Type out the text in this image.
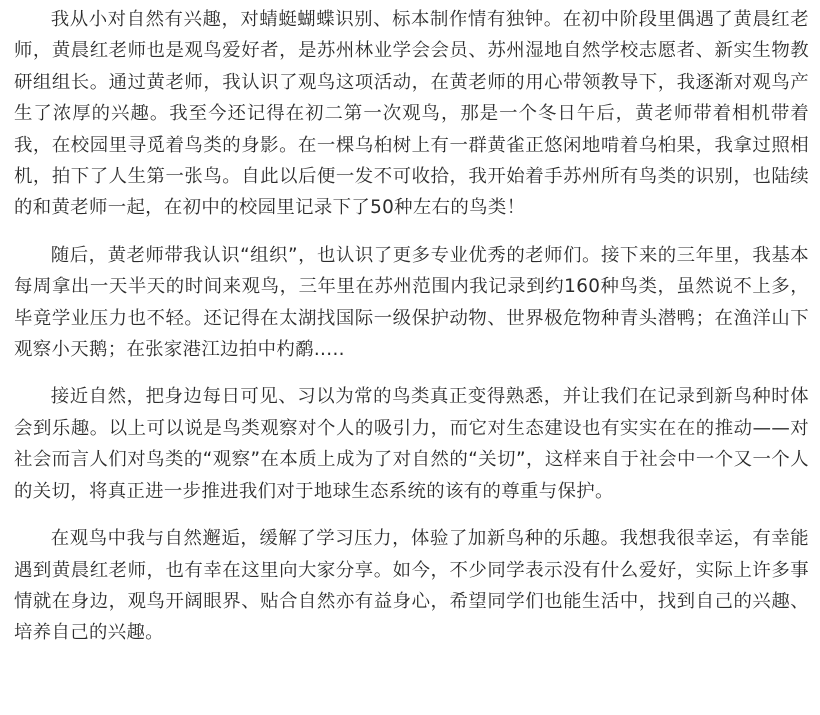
我从小对自然有兴趣，对蜻蜓蝴蝶识别、标本制作情有独钟。在初中阶段里偶遇了黄晨红老师，黄晨红老师也是观鸟爱好者，是苏州林业学会会员、苏州湿地自然学校志愿者、新实生物教研组组长。通过黄老师，我认识了观鸟这项活动，在黄老师的用心带领教导下，我逐渐对观鸟产生了浓厚的兴趣。我至今还记得在初二第一次观鸟，那是一个冬日午后，黄老师带着相机带着我，在校园里寻觅着鸟类的身影。在一棵乌桕树上有一群黄雀正悠闲地啃着乌桕果，我拿过照相机，拍下了人生第一张鸟。自此以后便一发不可收拾，我开始着手苏州所有鸟类的识别，也陆续的和黄老师一起，在初中的校园里记录下了50种左右的鸟类！

随后，黄老师带我认识“组织”，也认识了更多专业优秀的老师们。接下来的三年里，我基本每周拿出一天半天的时间来观鸟，三年里在苏州范围内我记录到约160种鸟类，虽然说不上多，毕竟学业压力也不轻。还记得在太湖找国际一级保护动物、世界极危物种青头潜鸭；在渔洋山下观察小天鹅；在张家港江边拍中杓鹬.....

接近自然，把身边每日可见、习以为常的鸟类真正变得熟悉，并让我们在记录到新鸟种时体会到乐趣。以上可以说是鸟类观察对个人的吸引力，而它对生态建设也有实实在在的推动——对社会而言人们对鸟类的“观察”在本质上成为了对自然的“关切”，这样来自于社会中一个又一个人的关切，将真正进一步推进我们对于地球生态系统的该有的尊重与保护。

在观鸟中我与自然邂逅，缓解了学习压力，体验了加新鸟种的乐趣。我想我很幸运，有幸能遇到黄晨红老师，也有幸在这里向大家分享。如今，不少同学表示没有什么爱好，实际上许多事情就在身边，观鸟开阔眼界、贴合自然亦有益身心，希望同学们也能生活中，找到自己的兴趣、培养自己的兴趣。
